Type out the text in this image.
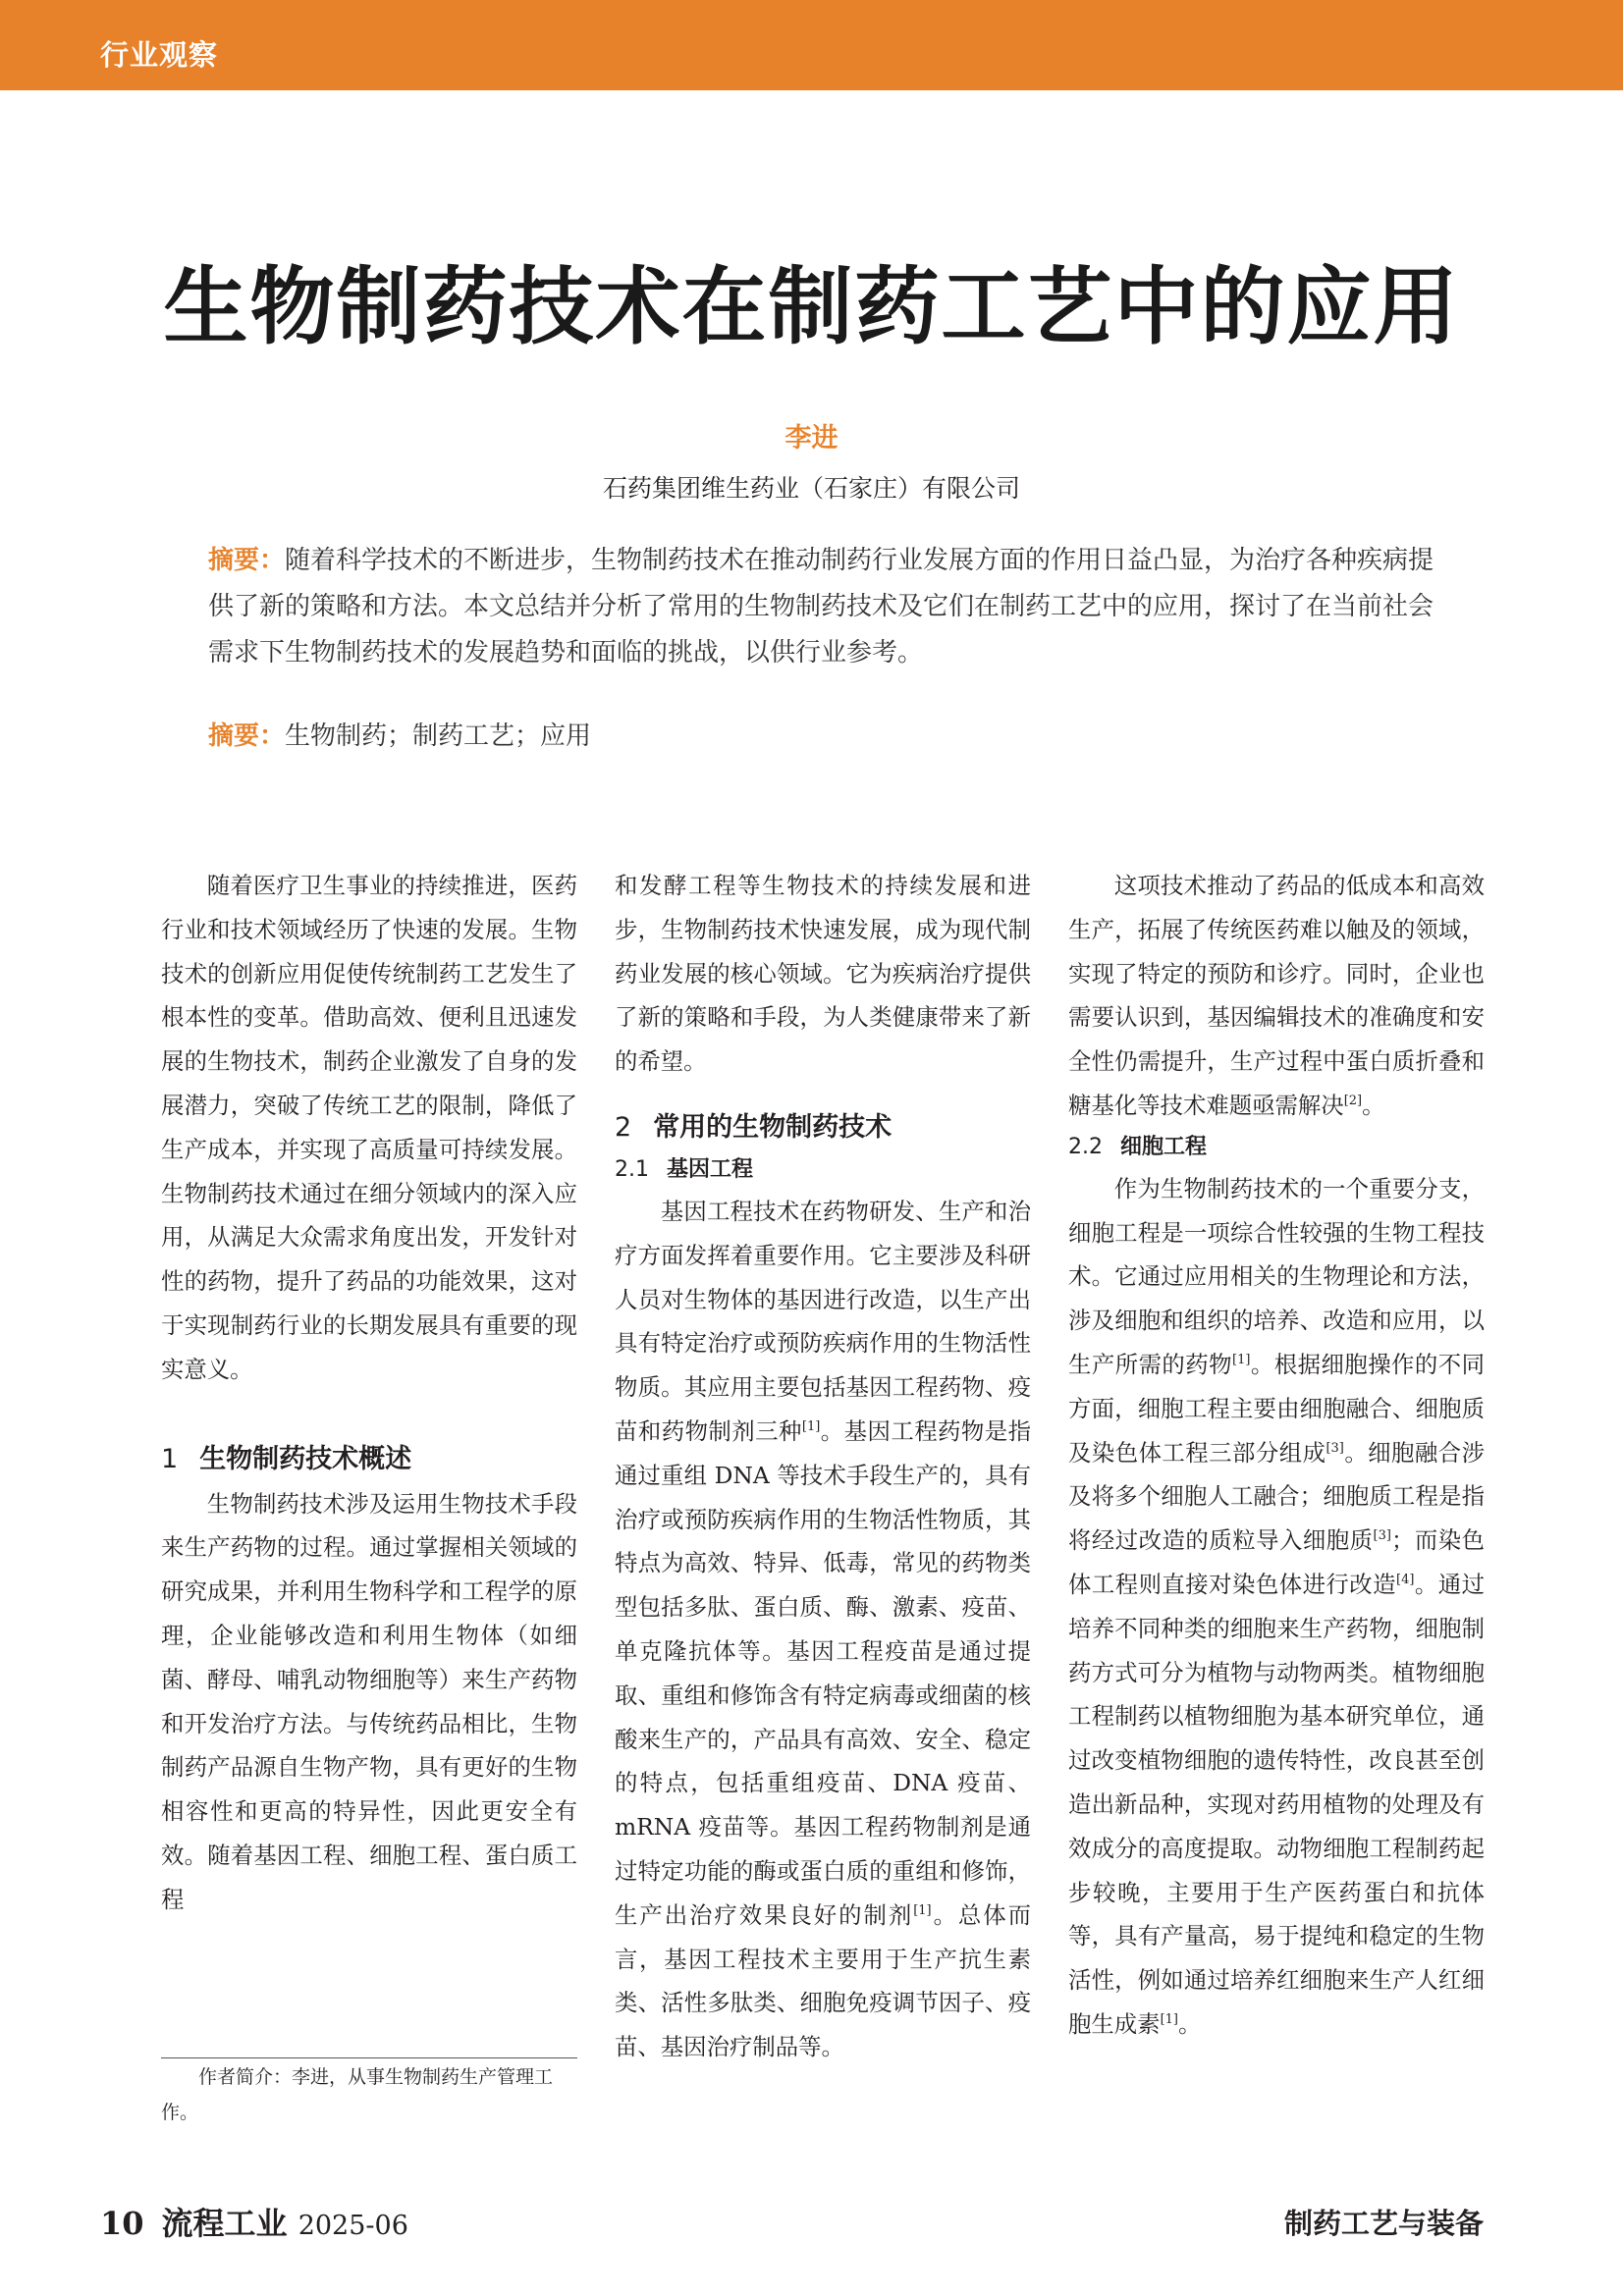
行业观察
生物制药技术在制药工艺中的应用
李进
石药集团维生药业（石家庄）有限公司
摘要：随着科学技术的不断进步，生物制药技术在推动制药行业发展方面的作用日益凸显，为治疗各种疾病提供了新的策略和方法。本文总结并分析了常用的生物制药技术及它们在制药工艺中的应用，探讨了在当前社会需求下生物制药技术的发展趋势和面临的挑战，以供行业参考。
摘要：生物制药；制药工艺；应用

随着医疗卫生事业的持续推进，医药行业和技术领域经历了快速的发展。生物技术的创新应用促使传统制药工艺发生了根本性的变革。借助高效、便利且迅速发展的生物技术，制药企业激发了自身的发展潜力，突破了传统工艺的限制，降低了生产成本，并实现了高质量可持续发展。生物制药技术通过在细分领域内的深入应用，从满足大众需求角度出发，开发针对性的药物，提升了药品的功能效果，这对于实现制药行业的长期发展具有重要的现实意义。

1 生物制药技术概述

生物制药技术涉及运用生物技术手段来生产药物的过程。通过掌握相关领域的研究成果，并利用生物科学和工程学的原理，企业能够改造和利用生物体（如细菌、酵母、哺乳动物细胞等）来生产药物和开发治疗方法。与传统药品相比，生物制药产品源自生物产物，具有更好的生物相容性和更高的特异性，因此更安全有效。随着基因工程、细胞工程、蛋白质工程

和发酵工程等生物技术的持续发展和进步，生物制药技术快速发展，成为现代制药业发展的核心领域。它为疾病治疗提供了新的策略和手段，为人类健康带来了新的希望。

2 常用的生物制药技术
2.1 基因工程

基因工程技术在药物研发、生产和治疗方面发挥着重要作用。它主要涉及科研人员对生物体的基因进行改造，以生产出具有特定治疗或预防疾病作用的生物活性物质。其应用主要包括基因工程药物、疫苗和药物制剂三种[1]。基因工程药物是指通过重组 DNA 等技术手段生产的，具有治疗或预防疾病作用的生物活性物质，其特点为高效、特异、低毒，常见的药物类型包括多肽、蛋白质、酶、激素、疫苗、单克隆抗体等。基因工程疫苗是通过提取、重组和修饰含有特定病毒或细菌的核酸来生产的，产品具有高效、安全、稳定的特点，包括重组疫苗、DNA 疫苗、mRNA 疫苗等。基因工程药物制剂是通过特定功能的酶或蛋白质的重组和修饰，生产出治疗效果良好的制剂[1]。总体而言，基因工程技术主要用于生产抗生素类、活性多肽类、细胞免疫调节因子、疫苗、基因治疗制品等。

这项技术推动了药品的低成本和高效生产，拓展了传统医药难以触及的领域，实现了特定的预防和诊疗。同时，企业也需要认识到，基因编辑技术的准确度和安全性仍需提升，生产过程中蛋白质折叠和糖基化等技术难题亟需解决[2]。

2.2 细胞工程

作为生物制药技术的一个重要分支，细胞工程是一项综合性较强的生物工程技术。它通过应用相关的生物理论和方法，涉及细胞和组织的培养、改造和应用，以生产所需的药物[1]。根据细胞操作的不同方面，细胞工程主要由细胞融合、细胞质及染色体工程三部分组成[3]。细胞融合涉及将多个细胞人工融合；细胞质工程是指将经过改造的质粒导入细胞质[3]；而染色体工程则直接对染色体进行改造[4]。通过培养不同种类的细胞来生产药物，细胞制药方式可分为植物与动物两类。植物细胞工程制药以植物细胞为基本研究单位，通过改变植物细胞的遗传特性，改良甚至创造出新品种，实现对药用植物的处理及有效成分的高度提取。动物细胞工程制药起步较晚，主要用于生产医药蛋白和抗体等，具有产量高，易于提纯和稳定的生物活性，例如通过培养红细胞来生产人红细胞生成素[1]。

作者简介：李进，从事生物制药生产管理工作。
10 流程工业 2025-06	制药工艺与装备
